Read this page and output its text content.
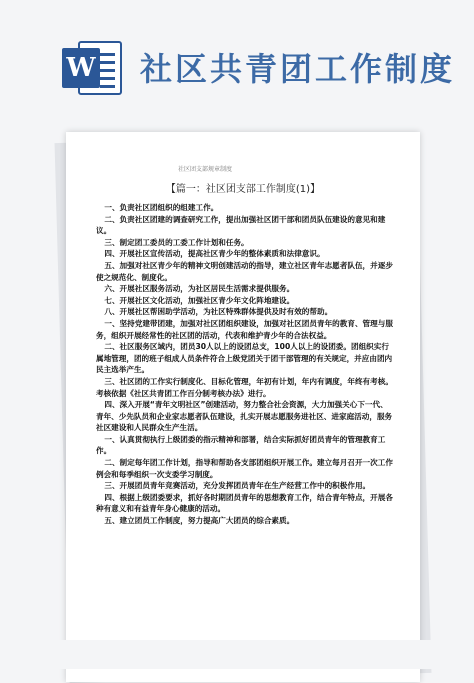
W 社区共青团工作制度
社区团支部规章制度
【篇一：社区团支部工作制度(1)】

一、负责社区团组织的组建工作。

二、负责社区团建的调查研究工作，提出加强社区团干部和团员队伍建设的意见和建议。

三、制定团工委员的工委工作计划和任务。

四、开展社区宣传活动，提高社区青少年的整体素质和法律意识。

五、加强对社区青少年的精神文明创建活动的指导，建立社区青年志愿者队伍，并逐步使之规范化、制度化。

六、开展社区服务活动，为社区居民生活需求提供服务。

七、开展社区文化活动，加强社区青少年文化阵地建设。

八、开展社区帮困助学活动，为社区特殊群体提供及时有效的帮助。

一、坚持党建带团建，加强对社区团组织建设，加强对社区团员青年的教育、管理与服务，组织开展经常性的社区团的活动，代表和维护青少年的合法权益。

二、社区服务区域内，团员30人以上的设团总支，100人以上的设团委。团组织实行属地管理，团的班子组成人员条件符合上级党团关于团干部管理的有关规定，并应由团内民主选举产生。

三、社区团的工作实行制度化、目标化管理，年初有计划，年内有调度，年终有考核。考核依据《社区共青团工作百分制考核办法》进行。

四、深入开展“青年文明社区”创建活动，努力整合社会资源，大力加强关心下一代、青年、少先队员和企业家志愿者队伍建设，扎实开展志愿服务进社区、进家庭活动，服务社区建设和人民群众生产生活。

一、认真贯彻执行上级团委的指示精神和部署，结合实际抓好团员青年的管理教育工作。

二、制定每年团工作计划，指导和帮助各支部团组织开展工作。建立每月召开一次工作例会和每季组织一次支委学习制度。

三、开展团员青年竞赛活动，充分发挥团员青年在生产经营工作中的积极作用。

四、根据上级团委要求，抓好各时期团员青年的思想教育工作，结合青年特点，开展各种有意义和有益青年身心健康的活动。

五、建立团员工作制度，努力提高广大团员的综合素质。
